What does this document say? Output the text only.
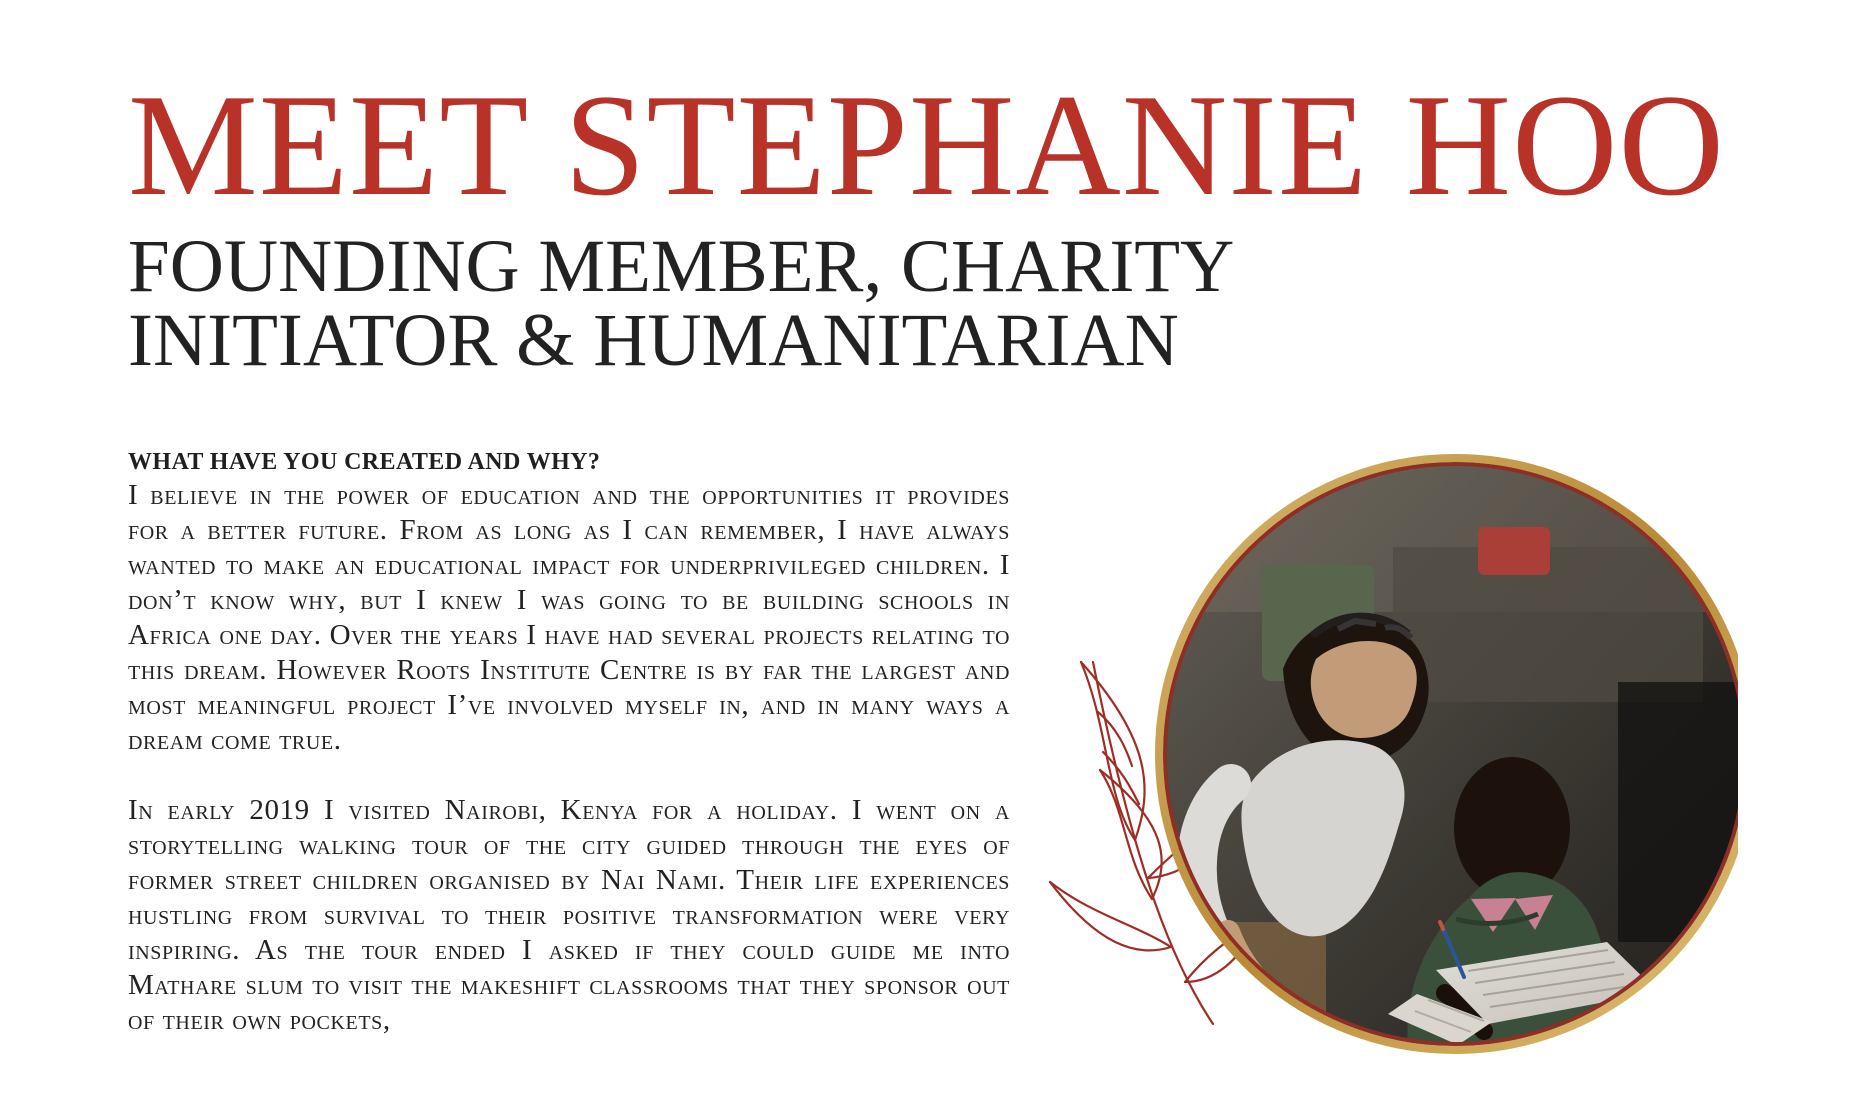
MEET STEPHANIE HOO
FOUNDING MEMBER, CHARITY
INITIATOR & HUMANITARIAN

WHAT HAVE YOU CREATED AND WHY?

I believe in the power of education and the opportunities it provides for a better future. From as long as I can remember, I have always wanted to make an educational impact for underprivileged children. I don’t know why, but I knew I was going to be building schools in Africa one day. Over the years I have had several projects relating to this dream. However Roots Institute Centre is by far the largest and most meaningful project I’ve involved myself in, and in many ways a dream come true.

In early 2019 I visited Nairobi, Kenya for a holiday. I went on a storytelling walking tour of the city guided through the eyes of former street children organised by Nai Nami. Their life experiences hustling from survival to their positive transformation were very inspiring. As the tour ended I asked if they could guide me into Mathare slum to visit the makeshift classrooms that they sponsor out of their own pockets,
